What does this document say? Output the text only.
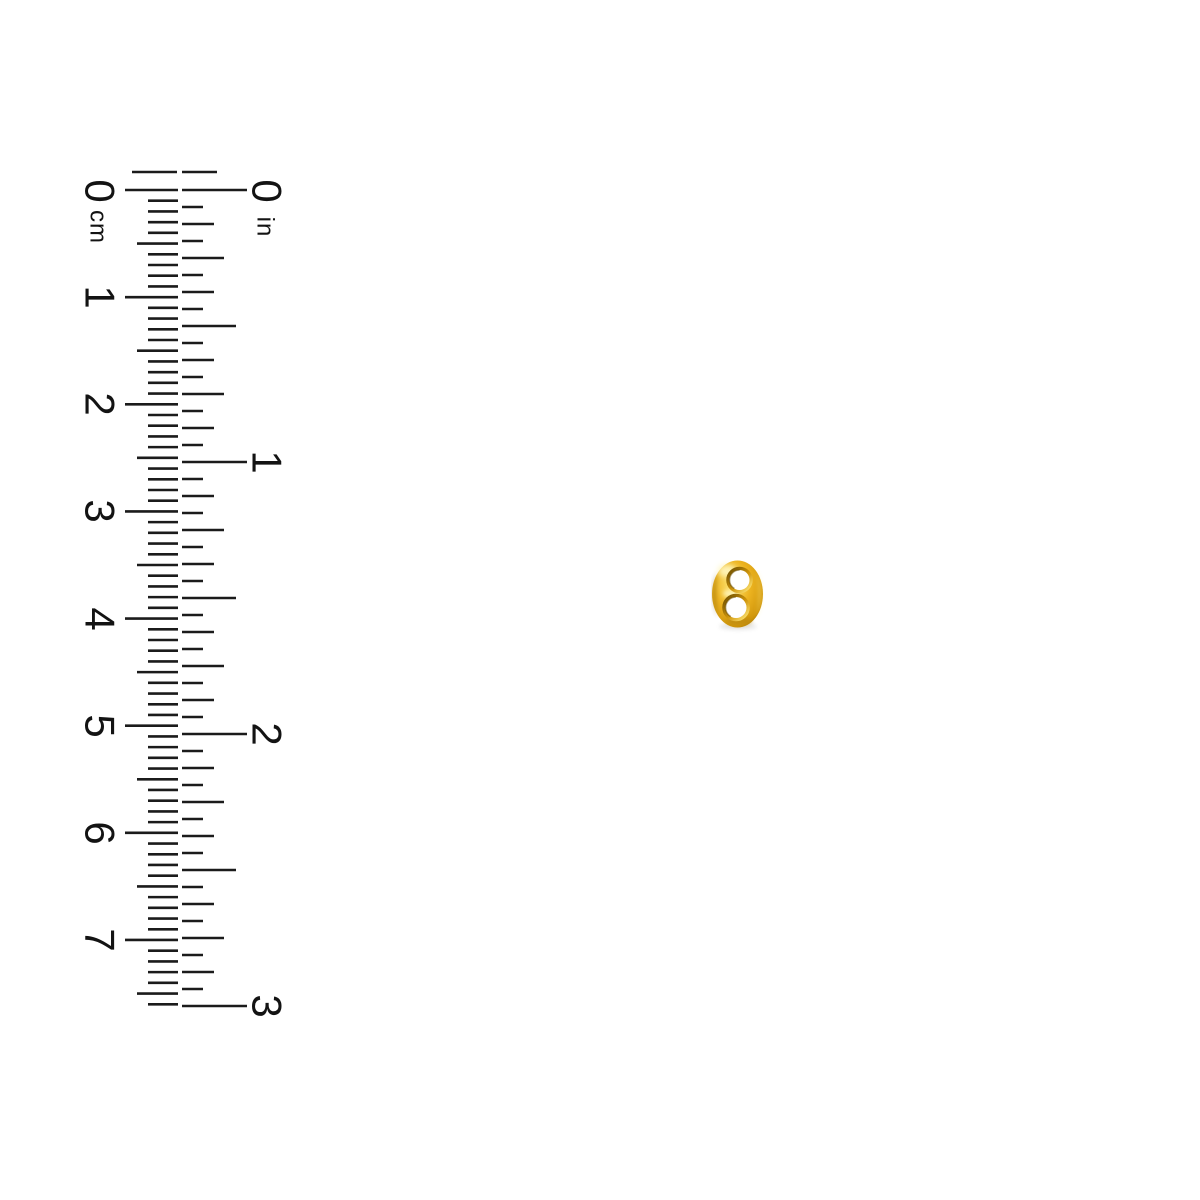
0
cm
1
2
3
4
5
6
7
0
in
1
2
3
